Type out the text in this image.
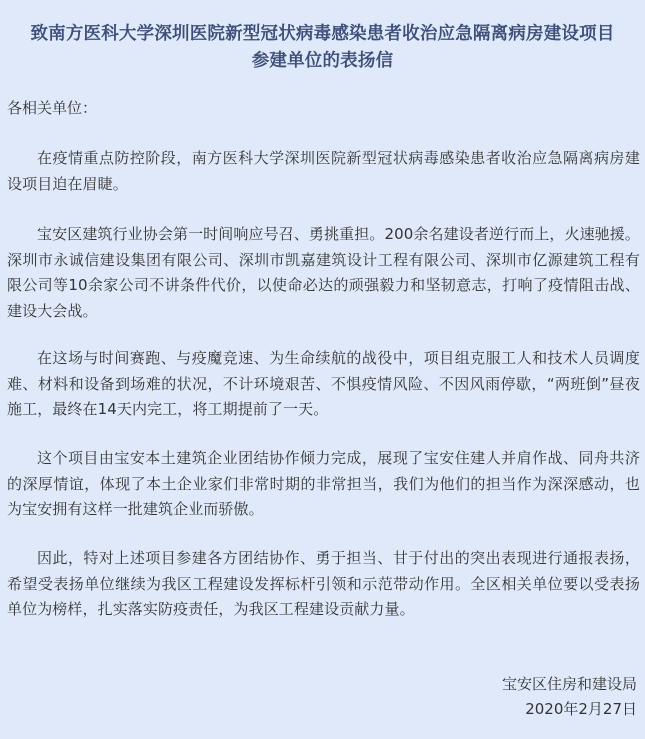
致南方医科大学深圳医院新型冠状病毒感染患者收治应急隔离病房建设项目
参建单位的表扬信

各相关单位：

在疫情重点防控阶段，南方医科大学深圳医院新型冠状病毒感染患者收治应急隔离病房建设项目迫在眉睫。

宝安区建筑行业协会第一时间响应号召、勇挑重担。200余名建设者逆行而上，火速驰援。深圳市永诚信建设集团有限公司、深圳市凯嘉建筑设计工程有限公司、深圳市亿源建筑工程有限公司等10余家公司不讲条件代价，以使命必达的顽强毅力和坚韧意志，打响了疫情阻击战、建设大会战。

在这场与时间赛跑、与疫魔竞速、为生命续航的战役中，项目组克服工人和技术人员调度难、材料和设备到场难的状况，不计环境艰苦、不惧疫情风险、不因风雨停歇，“两班倒”昼夜施工，最终在14天内完工，将工期提前了一天。

这个项目由宝安本土建筑企业团结协作倾力完成，展现了宝安住建人并肩作战、同舟共济的深厚情谊，体现了本土企业家们非常时期的非常担当，我们为他们的担当作为深深感动，也为宝安拥有这样一批建筑企业而骄傲。

因此，特对上述项目参建各方团结协作、勇于担当、甘于付出的突出表现进行通报表扬，希望受表扬单位继续为我区工程建设发挥标杆引领和示范带动作用。全区相关单位要以受表扬单位为榜样，扎实落实防疫责任，为我区工程建设贡献力量。

宝安区住房和建设局

2020年2月27日
